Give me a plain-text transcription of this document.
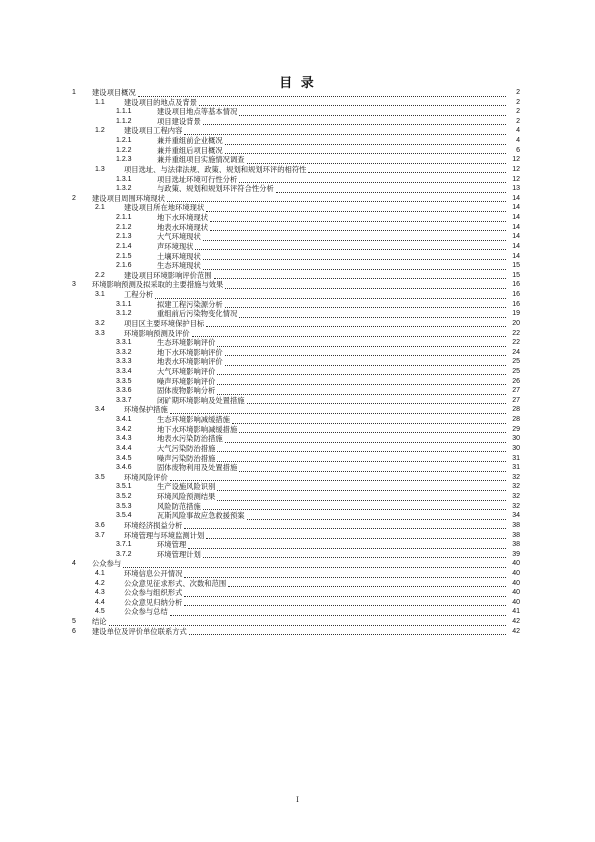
目 录
1 建设项目概况	2
1.1	建设项目的地点及背景	2
1.1.1	建设项目地点等基本情况	2
1.1.2	项目建设背景	2
1.2	建设项目工程内容	4
1.2.1	兼并重组前企业概况	4
1.2.2	兼并重组后项目概况	6
1.2.3	兼并重组项目实施情况调查	12
1.3	项目选址、与法律法规、政策、规划和规划环评的相符性	12
1.3.1	项目选址环境可行性分析	12
1.3.2	与政策、规划和规划环评符合性分析	13
2 建设项目周围环境现状	14
2.1	建设项目所在地环境现状	14
2.1.1	地下水环境现状	14
2.1.2	地表水环境现状	14
2.1.3	大气环境现状	14
2.1.4	声环境现状	14
2.1.5	土壤环境现状	14
2.1.6	生态环境现状	15
2.2	建设项目环境影响评价范围	15
3 环境影响预测及拟采取的主要措施与效果	16
3.1	工程分析	16
3.1.1	拟建工程污染源分析	16
3.1.2	重组前后污染物变化情况	19
3.2	项目区主要环境保护目标	20
3.3	环境影响预测及评价	22
3.3.1	生态环境影响评价	22
3.3.2	地下水环境影响评价	24
3.3.3	地表水环境影响评价	25
3.3.4	大气环境影响评价	25
3.3.5	噪声环境影响评价	26
3.3.6	固体废物影响分析	27
3.3.7	闭矿期环境影响及处置措施	27
3.4	环境保护措施	28
3.4.1	生态环境影响减缓措施	28
3.4.2	地下水环境影响减缓措施	29
3.4.3	地表水污染防治措施	30
3.4.4	大气污染防治措施	30
3.4.5	噪声污染防治措施	31
3.4.6	固体废物利用及处置措施	31
3.5	环境风险评价	32
3.5.1	生产设施风险识别	32
3.5.2	环境风险预测结果	32
3.5.3	风险防范措施	32
3.5.4	瓦斯风险事故应急救援预案	34
3.6	环境经济损益分析	38
3.7	环境管理与环境监测计划	38
3.7.1	环境管理	38
3.7.2	环境管理计划	39
4 公众参与	40
4.1	环境信息公开情况	40
4.2	公众意见征求形式、次数和范围	40
4.3	公众参与组织形式	40
4.4	公众意见归纳分析	40
4.5	公众参与总结	41
5 结论	42
6 建设单位及评价单位联系方式	42
I
